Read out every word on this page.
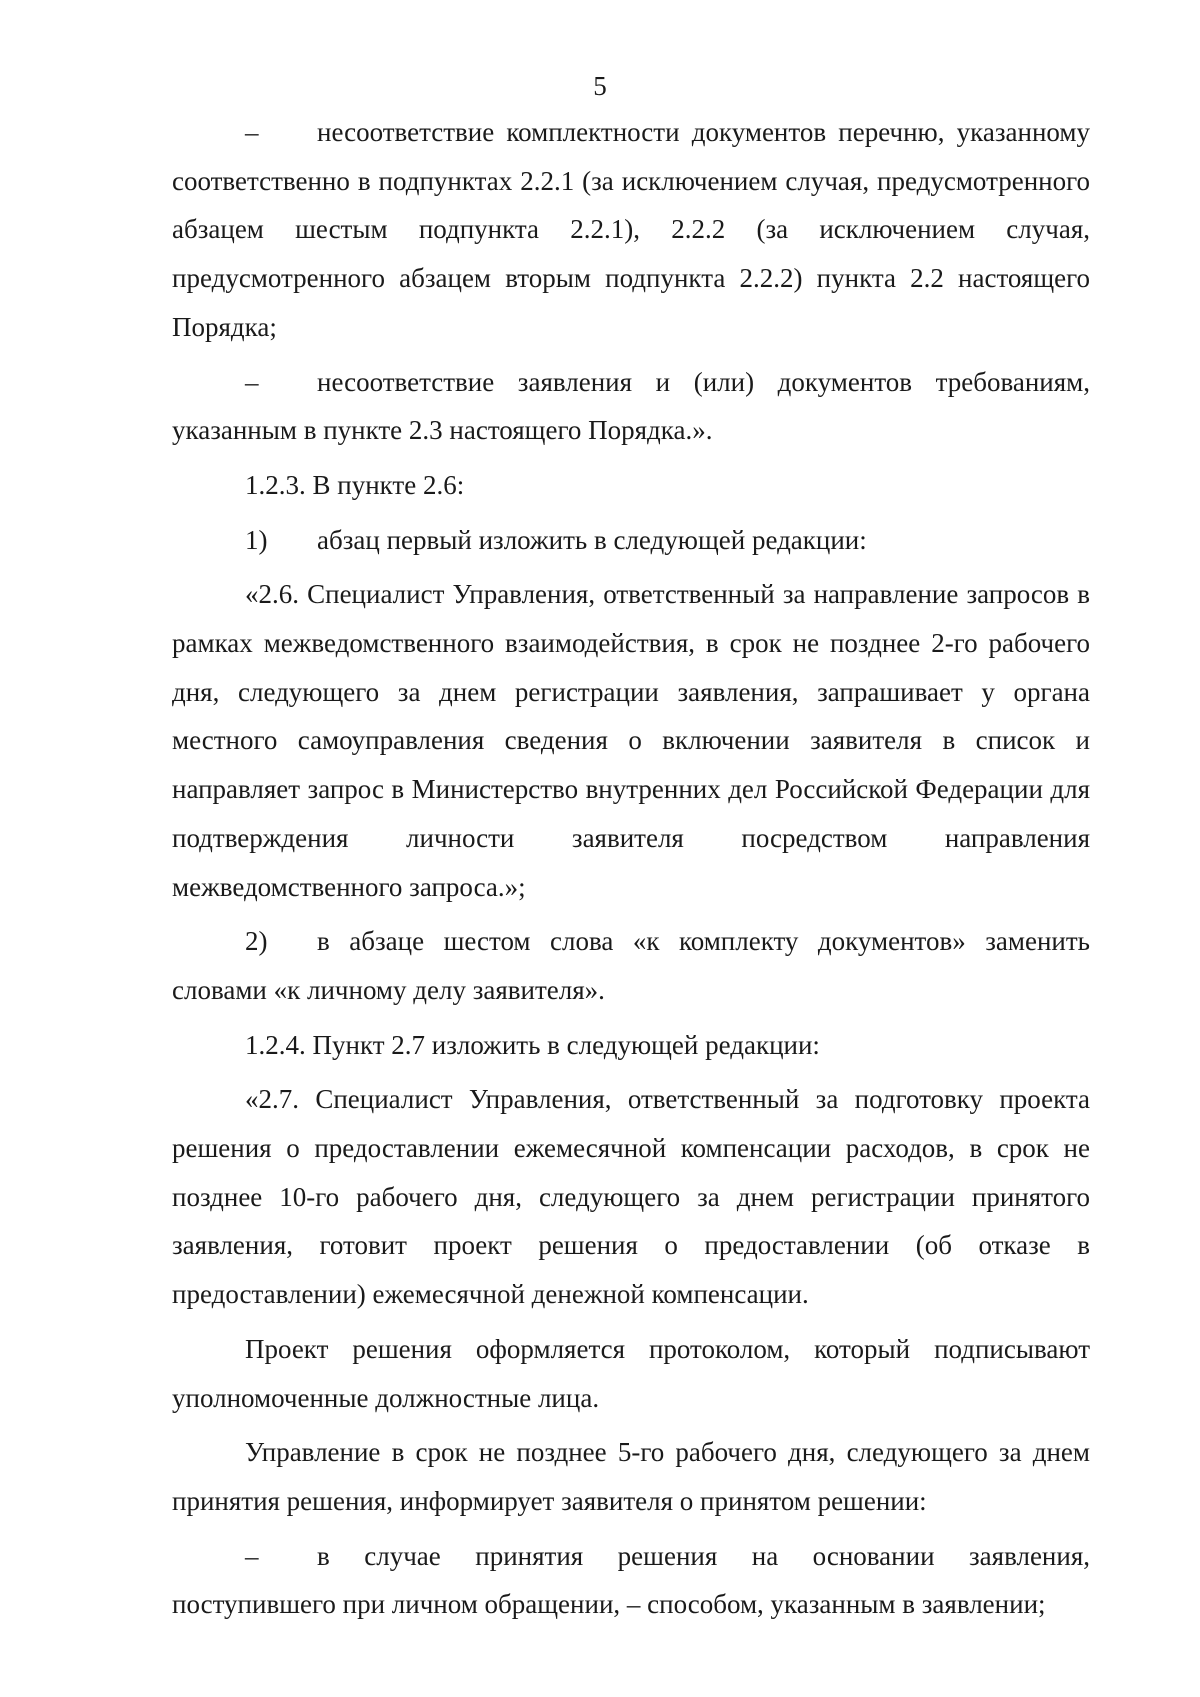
5

– несоответствие комплектности документов перечню, указанному соответственно в подпунктах 2.2.1 (за исключением случая, предусмотренного абзацем шестым подпункта 2.2.1), 2.2.2 (за исключением случая, предусмотренного абзацем вторым подпункта 2.2.2) пункта 2.2 настоящего Порядка;

– несоответствие заявления и (или) документов требованиям, указанным в пункте 2.3 настоящего Порядка.».

1.2.3. В пункте 2.6:

1) абзац первый изложить в следующей редакции:

«2.6. Специалист Управления, ответственный за направление запросов в рамках межведомственного взаимодействия, в срок не позднее 2-го рабочего дня, следующего за днем регистрации заявления, запрашивает у органа местного самоуправления сведения о включении заявителя в список и направляет запрос в Министерство внутренних дел Российской Федерации для подтверждения личности заявителя посредством направления межведомственного запроса.»;

2) в абзаце шестом слова «к комплекту документов» заменить словами «к личному делу заявителя».

1.2.4. Пункт 2.7 изложить в следующей редакции:

«2.7. Специалист Управления, ответственный за подготовку проекта решения о предоставлении ежемесячной компенсации расходов, в срок не позднее 10-го рабочего дня, следующего за днем регистрации принятого заявления, готовит проект решения о предоставлении (об отказе в предоставлении) ежемесячной денежной компенсации.

Проект решения оформляется протоколом, который подписывают уполномоченные должностные лица.

Управление в срок не позднее 5-го рабочего дня, следующего за днем принятия решения, информирует заявителя о принятом решении:

– в случае принятия решения на основании заявления, поступившего при личном обращении, – способом, указанным в заявлении;
